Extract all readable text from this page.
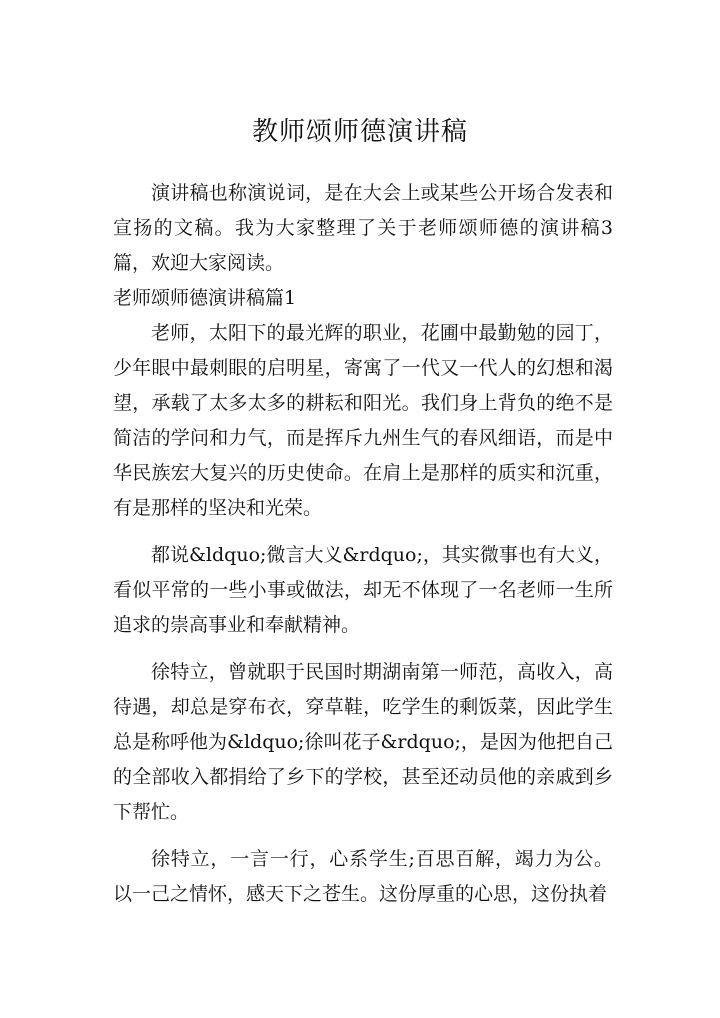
教师颂师德演讲稿

演讲稿也称演说词，是在大会上或某些公开场合发表和宣扬的文稿。我为大家整理了关于老师颂师德的演讲稿3篇，欢迎大家阅读。

老师颂师德演讲稿篇1

老师，太阳下的最光辉的职业，花圃中最勤勉的园丁，少年眼中最刺眼的启明星，寄寓了一代又一代人的幻想和渴望，承载了太多太多的耕耘和阳光。我们身上背负的绝不是简洁的学问和力气，而是挥斥九州生气的春风细语，而是中华民族宏大复兴的历史使命。在肩上是那样的质实和沉重，有是那样的坚决和光荣。

都说&ldquo;微言大义&rdquo;，其实微事也有大义，看似平常的一些小事或做法，却无不体现了一名老师一生所追求的崇高事业和奉献精神。

徐特立，曾就职于民国时期湖南第一师范，高收入，高待遇，却总是穿布衣，穿草鞋，吃学生的剩饭菜，因此学生总是称呼他为&ldquo;徐叫花子&rdquo;，是因为他把自己的全部收入都捐给了乡下的学校，甚至还动员他的亲戚到乡下帮忙。

徐特立，一言一行，心系学生;百思百解，竭力为公。以一己之情怀，感天下之苍生。这份厚重的心思，这份执着
